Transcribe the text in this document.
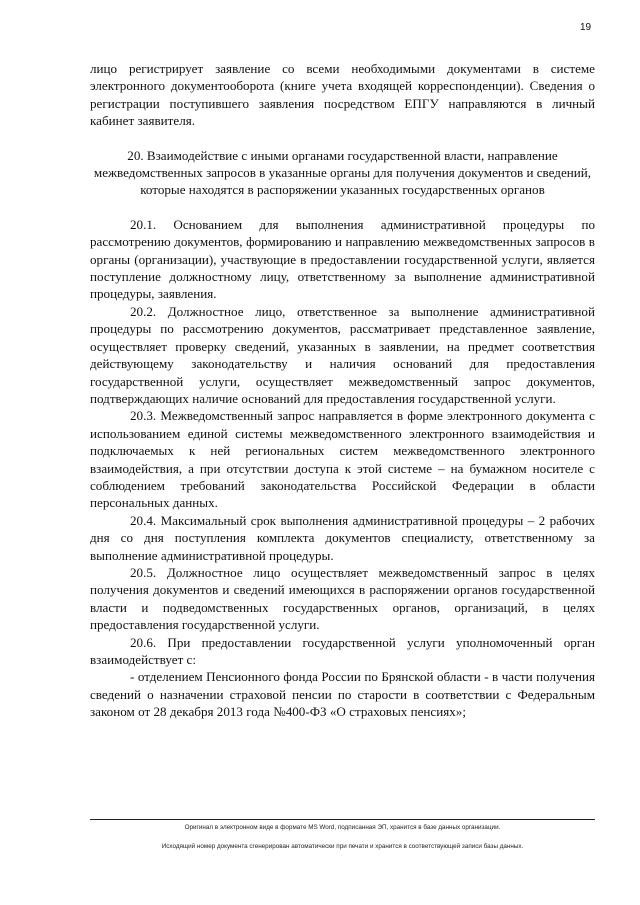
19

лицо регистрирует заявление со всеми необходимыми документами в системе электронного документооборота (книге учета входящей корреспонденции). Сведения о регистрации поступившего заявления посредством ЕПГУ направляются в личный кабинет заявителя.

20. Взаимодействие с иными органами государственной власти, направление межведомственных запросов в указанные органы для получения документов и сведений, которые находятся в распоряжении указанных государственных органов

20.1. Основанием для выполнения административной процедуры по рассмотрению документов, формированию и направлению межведомственных запросов в органы (организации), участвующие в предоставлении государственной услуги, является поступление должностному лицу, ответственному за выполнение административной процедуры, заявления.

20.2. Должностное лицо, ответственное за выполнение административной процедуры по рассмотрению документов, рассматривает представленное заявление, осуществляет проверку сведений, указанных в заявлении, на предмет соответствия действующему законодательству и наличия оснований для предоставления государственной услуги, осуществляет межведомственный запрос документов, подтверждающих наличие оснований для предоставления государственной услуги.

20.3. Межведомственный запрос направляется в форме электронного документа с использованием единой системы межведомственного электронного взаимодействия и подключаемых к ней региональных систем межведомственного электронного взаимодействия, а при отсутствии доступа к этой системе – на бумажном носителе с соблюдением требований законодательства Российской Федерации в области персональных данных.

20.4. Максимальный срок выполнения административной процедуры – 2 рабочих дня со дня поступления комплекта документов специалисту, ответственному за выполнение административной процедуры.

20.5. Должностное лицо осуществляет межведомственный запрос в целях получения документов и сведений имеющихся в распоряжении органов государственной власти и подведомственных государственных органов, организаций, в целях предоставления государственной услуги.

20.6. При предоставлении государственной услуги уполномоченный орган взаимодействует с:

- отделением Пенсионного фонда России по Брянской области - в части получения сведений о назначении страховой пенсии по старости в соответствии с Федеральным законом от 28 декабря 2013 года №400-ФЗ «О страховых пенсиях»;

Оригинал в электронном виде в формате MS Word, подписанная ЭП, хранится в базе данных организации.
Исходящий номер документа сгенерирован автоматически при печати и хранится в соответствующей записи базы данных.
